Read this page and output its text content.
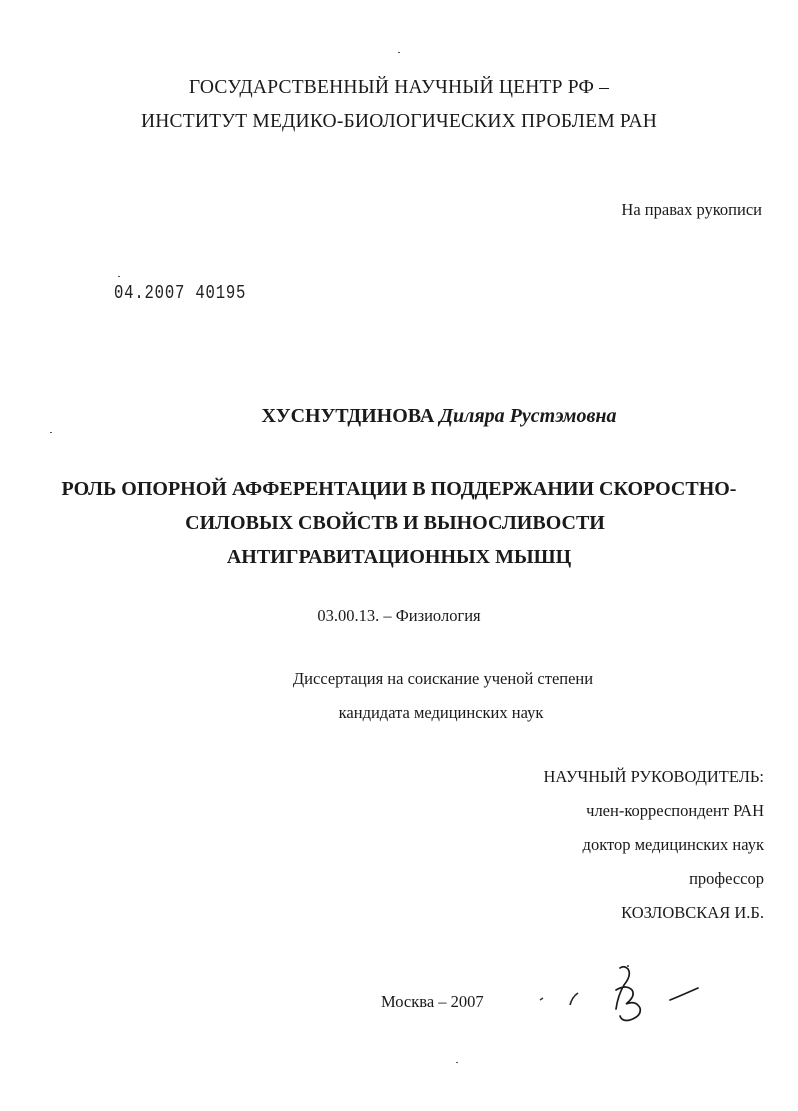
ГОСУДАРСТВЕННЫЙ НАУЧНЫЙ ЦЕНТР РФ –
ИНСТИТУТ МЕДИКО-БИОЛОГИЧЕСКИХ ПРОБЛЕМ РАН
На правах рукописи
04.2007 40195
ХУСНУТДИНОВА Диляра Рустэмовна
РОЛЬ ОПОРНОЙ АФФЕРЕНТАЦИИ В ПОДДЕРЖАНИИ СКОРОСТНО-
СИЛОВЫХ СВОЙСТВ И ВЫНОСЛИВОСТИ
АНТИГРАВИТАЦИОННЫХ МЫШЦ
03.00.13. – Физиология
Диссертация на соискание ученой степени
кандидата медицинских наук
НАУЧНЫЙ РУКОВОДИТЕЛЬ:
член-корреспондент РАН
доктор медицинских наук
профессор
КОЗЛОВСКАЯ И.Б.
Москва – 2007
